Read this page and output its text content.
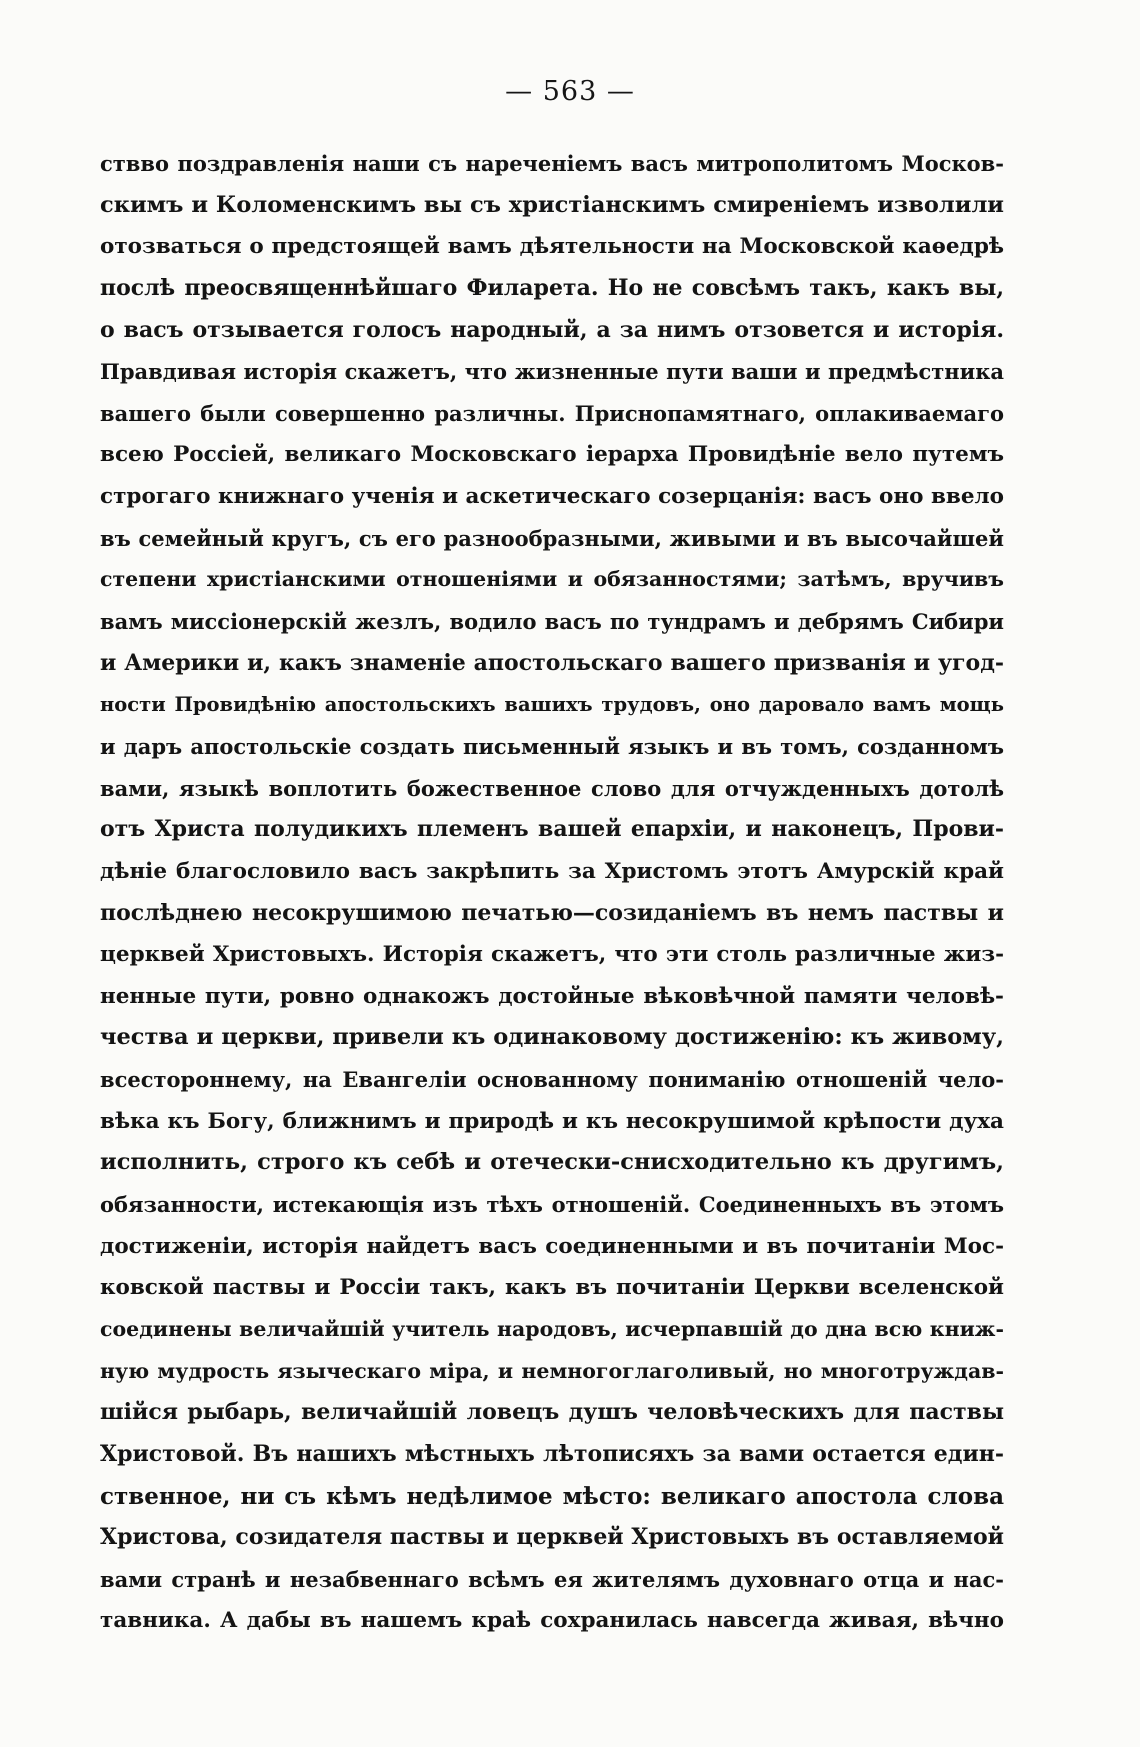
— 563 —
ствво поздравленія наши съ нареченіемъ васъ митрополитомъ Москов-
скимъ и Коломенскимъ вы съ христіанскимъ смиреніемъ изволили
отозваться о предстоящей вамъ дѣятельности на Московской каѳедрѣ
послѣ преосвященнѣйшаго Филарета. Но не совсѣмъ такъ, какъ вы,
о васъ отзывается голосъ народный, а за нимъ отзовется и исторія.
Правдивая исторія скажетъ, что жизненные пути ваши и предмѣстника
вашего были совершенно различны. Приснопамятнаго, оплакиваемаго
всею Россіей, великаго Московскаго іерарха Провидѣніе вело путемъ
строгаго книжнаго ученія и аскетическаго созерцанія: васъ оно ввело
въ семейный кругъ, съ его разнообразными, живыми и въ высочайшей
степени христіанскими отношеніями и обязанностями; затѣмъ, вручивъ
вамъ миссіонерскій жезлъ, водило васъ по тундрамъ и дебрямъ Сибири
и Америки и, какъ знаменіе апостольскаго вашего призванія и угод-
ности Провидѣнію апостольскихъ вашихъ трудовъ, оно даровало вамъ мощь
и даръ апостольскіе создать письменный языкъ и въ томъ, созданномъ
вами, языкѣ воплотить божественное слово для отчужденныхъ дотолѣ
отъ Христа полудикихъ племенъ вашей епархіи, и наконецъ, Прови-
дѣніе благословило васъ закрѣпить за Христомъ этотъ Амурскій край
послѣднею несокрушимою печатью—созиданіемъ въ немъ паствы и
церквей Христовыхъ. Исторія скажетъ, что эти столь различные жиз-
ненные пути, ровно однакожъ достойные вѣковѣчной памяти человѣ-
чества и церкви, привели къ одинаковому достиженію: къ живому,
всестороннему, на Евангеліи основанному пониманію отношеній чело-
вѣка къ Богу, ближнимъ и природѣ и къ несокрушимой крѣпости духа
исполнить, строго къ себѣ и отечески-снисходительно къ другимъ,
обязанности, истекающія изъ тѣхъ отношеній. Соединенныхъ въ этомъ
достиженіи, исторія найдетъ васъ соединенными и въ почитаніи Мос-
ковской паствы и Россіи такъ, какъ въ почитаніи Церкви вселенской
соединены величайшій учитель народовъ, исчерпавшій до дна всю книж-
ную мудрость языческаго міра, и немногоглаголивый, но многотруждав-
шійся рыбарь, величайшій ловецъ душъ человѣческихъ для паствы
Христовой. Въ нашихъ мѣстныхъ лѣтописяхъ за вами остается един-
ственное, ни съ кѣмъ недѣлимое мѣсто: великаго апостола слова
Христова, созидателя паствы и церквей Христовыхъ въ оставляемой
вами странѣ и незабвеннаго всѣмъ ея жителямъ духовнаго отца и нас-
тавника. А дабы въ нашемъ краѣ сохранилась навсегда живая, вѣчно
